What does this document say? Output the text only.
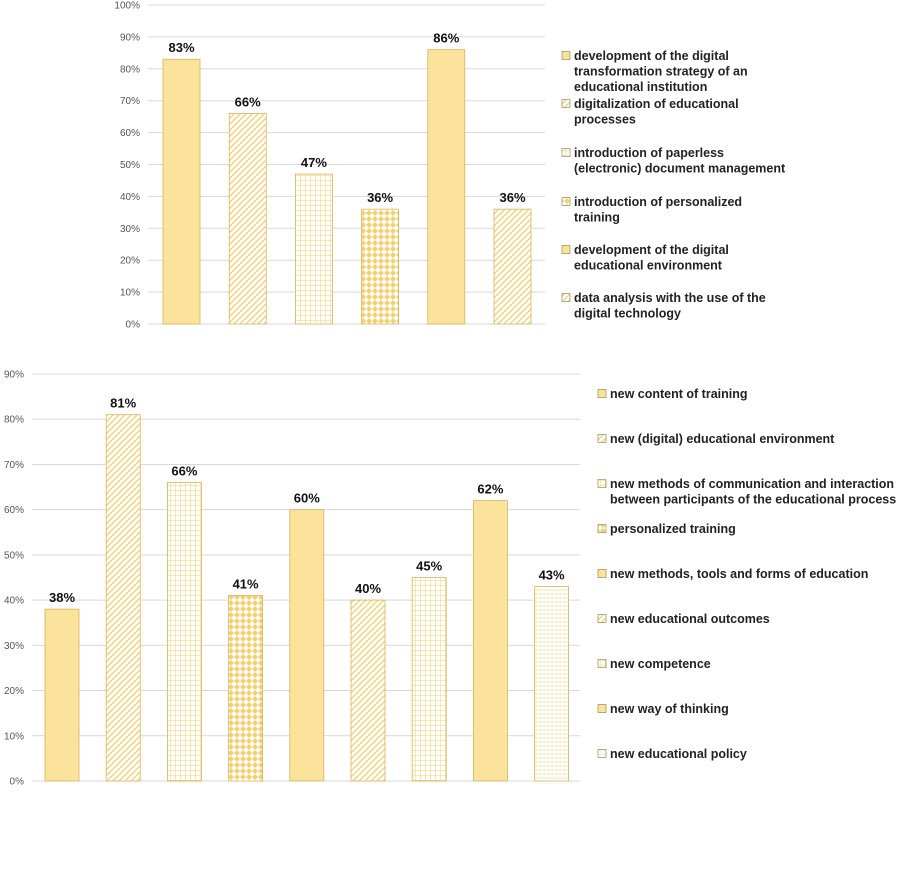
0%
10%
20%
30%
40%
50%
60%
70%
80%
90%
100%
83%
66%
47%
36%
86%
36%
development of the digital transformation strategy of an educational institution
digitalization of educational processes
introduction of paperless (electronic) document management
introduction of personalized training
development of the digital educational environment
data analysis with the use of the digital technology
0%
10%
20%
30%
40%
50%
60%
70%
80%
90%
38%
81%
66%
41%
60%
40%
45%
62%
43%
new content of training
new (digital) educational environment
new methods of communication and interaction between participants of the educational process
personalized training
new methods, tools and forms of education
new educational outcomes
new competence
new way of thinking
new educational policy
